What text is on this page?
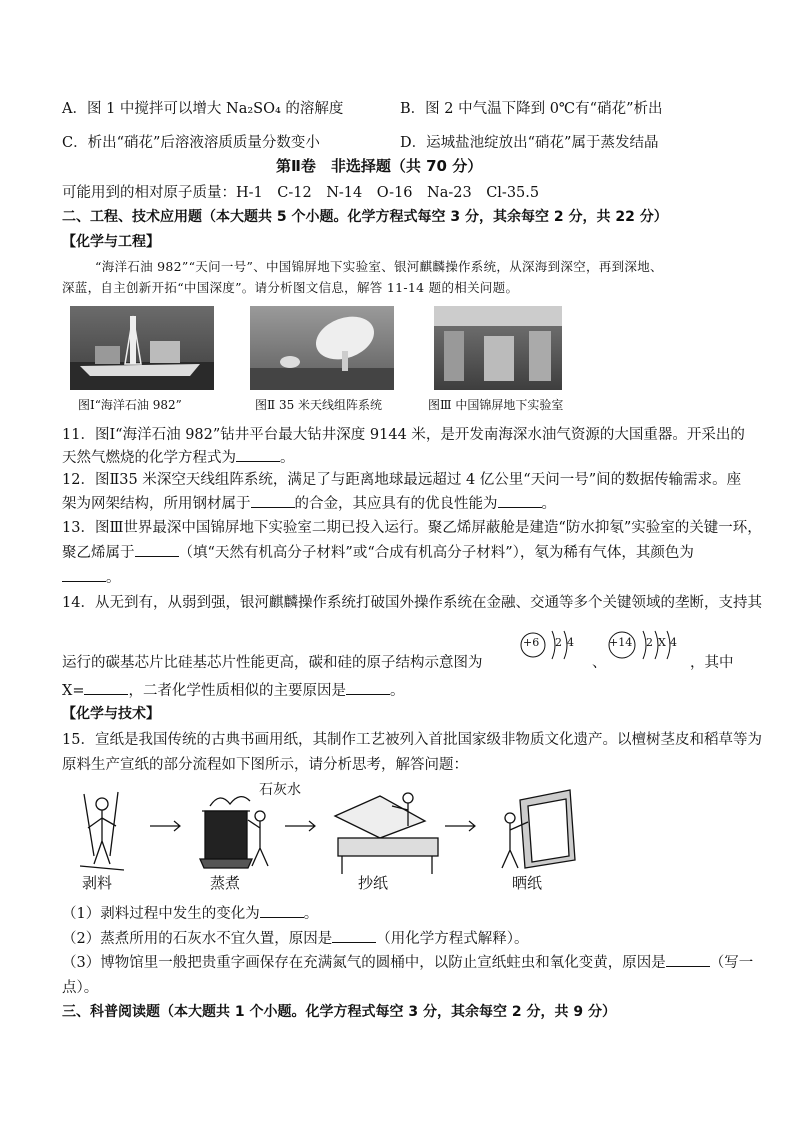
A．图 1 中搅拌可以增大 Na₂SO₄ 的溶解度	B．图 2 中气温下降到 0℃有“硝花”析出
C．析出“硝花”后溶液溶质质量分数变小	D．运城盐池绽放出“硝花”属于蒸发结晶
第Ⅱ卷　非选择题（共 70 分）
可能用到的相对原子质量：H-1　C-12　N-14　O-16　Na-23　Cl-35.5
二、工程、技术应用题（本大题共 5 个小题。化学方程式每空 3 分，其余每空 2 分，共 22 分）
【化学与工程】
“海洋石油 982”“天问一号”、中国锦屏地下实验室、银河麒麟操作系统，从深海到深空，再到深地、
深蓝，自主创新开拓“中国深度”。请分析图文信息，解答 11-14 题的相关问题。
图Ⅰ“海洋石油 982”	图Ⅱ 35 米天线组阵系统	图Ⅲ 中国锦屏地下实验室
11．图Ⅰ“海洋石油 982”钻井平台最大钻井深度 9144 米，是开发南海深水油气资源的大国重器。开采出的
天然气燃烧的化学方程式为	。
12．图Ⅱ35 米深空天线组阵系统，满足了与距离地球最远超过 4 亿公里“天问一号”间的数据传输需求。座
架为网架结构，所用钢材属于	的合金，其应具有的优良性能为	。
13．图Ⅲ世界最深中国锦屏地下实验室二期已投入运行。聚乙烯屏蔽舱是建造“防水抑氡”实验室的关键一环，
聚乙烯属于	（填“天然有机高分子材料”或“合成有机高分子材料”），氡为稀有气体，其颜色为
。
14．从无到有，从弱到强，银河麒麟操作系统打破国外操作系统在金融、交通等多个关键领域的垄断，支持其
运行的碳基芯片比硅基芯片性能更高，碳和硅的原子结构示意图为
+6 2 4
、
+14 2 X 4
，其中
X=	，二者化学性质相似的主要原因是	。
【化学与技术】
15．宣纸是我国传统的古典书画用纸，其制作工艺被列入首批国家级非物质文化遗产。以檀树茎皮和稻草等为
原料生产宣纸的部分流程如下图所示，请分析思考，解答问题：
石灰水
剥料	蒸煮	抄纸	晒纸
（1）剥料过程中发生的变化为	。
（2）蒸煮所用的石灰水不宜久置，原因是	（用化学方程式解释）。
（3）博物馆里一般把贵重字画保存在充满氮气的圆桶中，以防止宣纸蛀虫和氧化变黄，原因是	（写一
点）。
三、科普阅读题（本大题共 1 个小题。化学方程式每空 3 分，其余每空 2 分，共 9 分）
